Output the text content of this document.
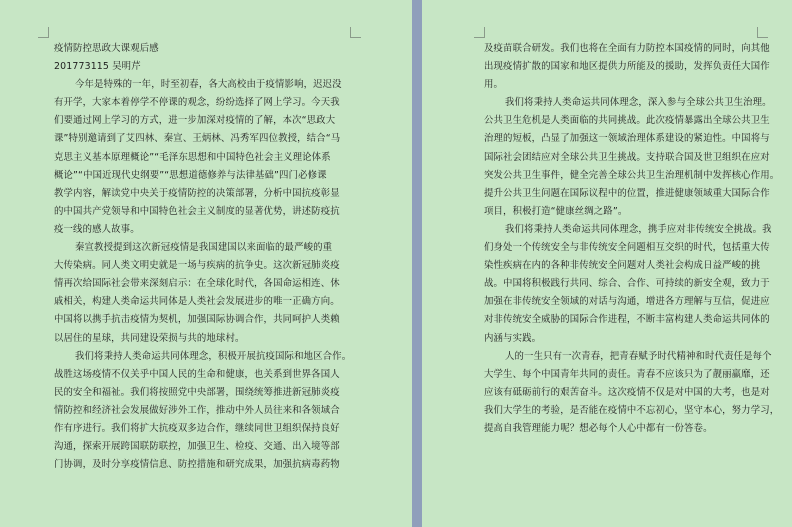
疫情防控思政大课观后感
201773115 吴明芹
今年是特殊的一年，时至初春，各大高校由于疫情影响，迟迟没
有开学，大家本着停学不停课的观念，纷纷选择了网上学习。今天我
们要通过网上学习的方式，进一步加深对疫情的了解，本次“思政大
课”特别邀请到了艾四林、秦宣、王炳林、冯秀军四位教授，结合“马
克思主义基本原理概论”“毛泽东思想和中国特色社会主义理论体系
概论”“中国近现代史纲要”“思想道德修养与法律基础”四门必修课
教学内容，解读党中央关于疫情防控的决策部署，分析中国抗疫彰显
的中国共产党领导和中国特色社会主义制度的显著优势，讲述防疫抗
疫一线的感人故事。
秦宣教授提到这次新冠疫情是我国建国以来面临的最严峻的重
大传染病。同人类文明史就是一场与疾病的抗争史。这次新冠肺炎疫
情再次给国际社会带来深刻启示：在全球化时代，各国命运相连、休
戚相关，构建人类命运共同体是人类社会发展进步的唯一正确方向。
中国将以携手抗击疫情为契机，加强国际协调合作，共同呵护人类赖
以居住的星球，共同建设荣损与共的地球村。
我们将秉持人类命运共同体理念，积极开展抗疫国际和地区合作。
战胜这场疫情不仅关乎中国人民的生命和健康，也关系到世界各国人
民的安全和福祉。我们将按照党中央部署，围绕统筹推进新冠肺炎疫
情防控和经济社会发展做好涉外工作，推动中外人员往来和各领域合
作有序进行。我们将扩大抗疫双多边合作，继续同世卫组织保持良好
沟通，探索开展跨国联防联控，加强卫生、检疫、交通、出入境等部
门协调，及时分享疫情信息、防控措施和研究成果，加强抗病毒药物
及疫苗联合研发。我们也将在全面有力防控本国疫情的同时，向其他
出现疫情扩散的国家和地区提供力所能及的援助，发挥负责任大国作
用。
我们将秉持人类命运共同体理念，深入参与全球公共卫生治理。
公共卫生危机是人类面临的共同挑战。此次疫情暴露出全球公共卫生
治理的短板，凸显了加强这一领域治理体系建设的紧迫性。中国将与
国际社会团结应对全球公共卫生挑战。支持联合国及世卫组织在应对
突发公共卫生事件，健全完善全球公共卫生治理机制中发挥核心作用。
提升公共卫生问题在国际议程中的位置，推进健康领域重大国际合作
项目，积极打造“健康丝绸之路”。
我们将秉持人类命运共同体理念，携手应对非传统安全挑战。我
们身处一个传统安全与非传统安全问题相互交织的时代，包括重大传
染性疾病在内的各种非传统安全问题对人类社会构成日益严峻的挑
战。中国将积极践行共同、综合、合作、可持续的新安全观，致力于
加强在非传统安全领域的对话与沟通，增进各方理解与互信，促进应
对非传统安全威胁的国际合作进程，不断丰富构建人类命运共同体的
内涵与实践。
人的一生只有一次青春，把青春赋予时代精神和时代责任是每个
大学生、每个中国青年共同的责任。青春不应该只为了靓丽羸靡，还
应该有砥砺前行的艰苦奋斗。这次疫情不仅是对中国的大考，也是对
我们大学生的考验，是否能在疫情中不忘初心，坚守本心，努力学习，
提高自我管理能力呢？想必每个人心中都有一份答卷。
